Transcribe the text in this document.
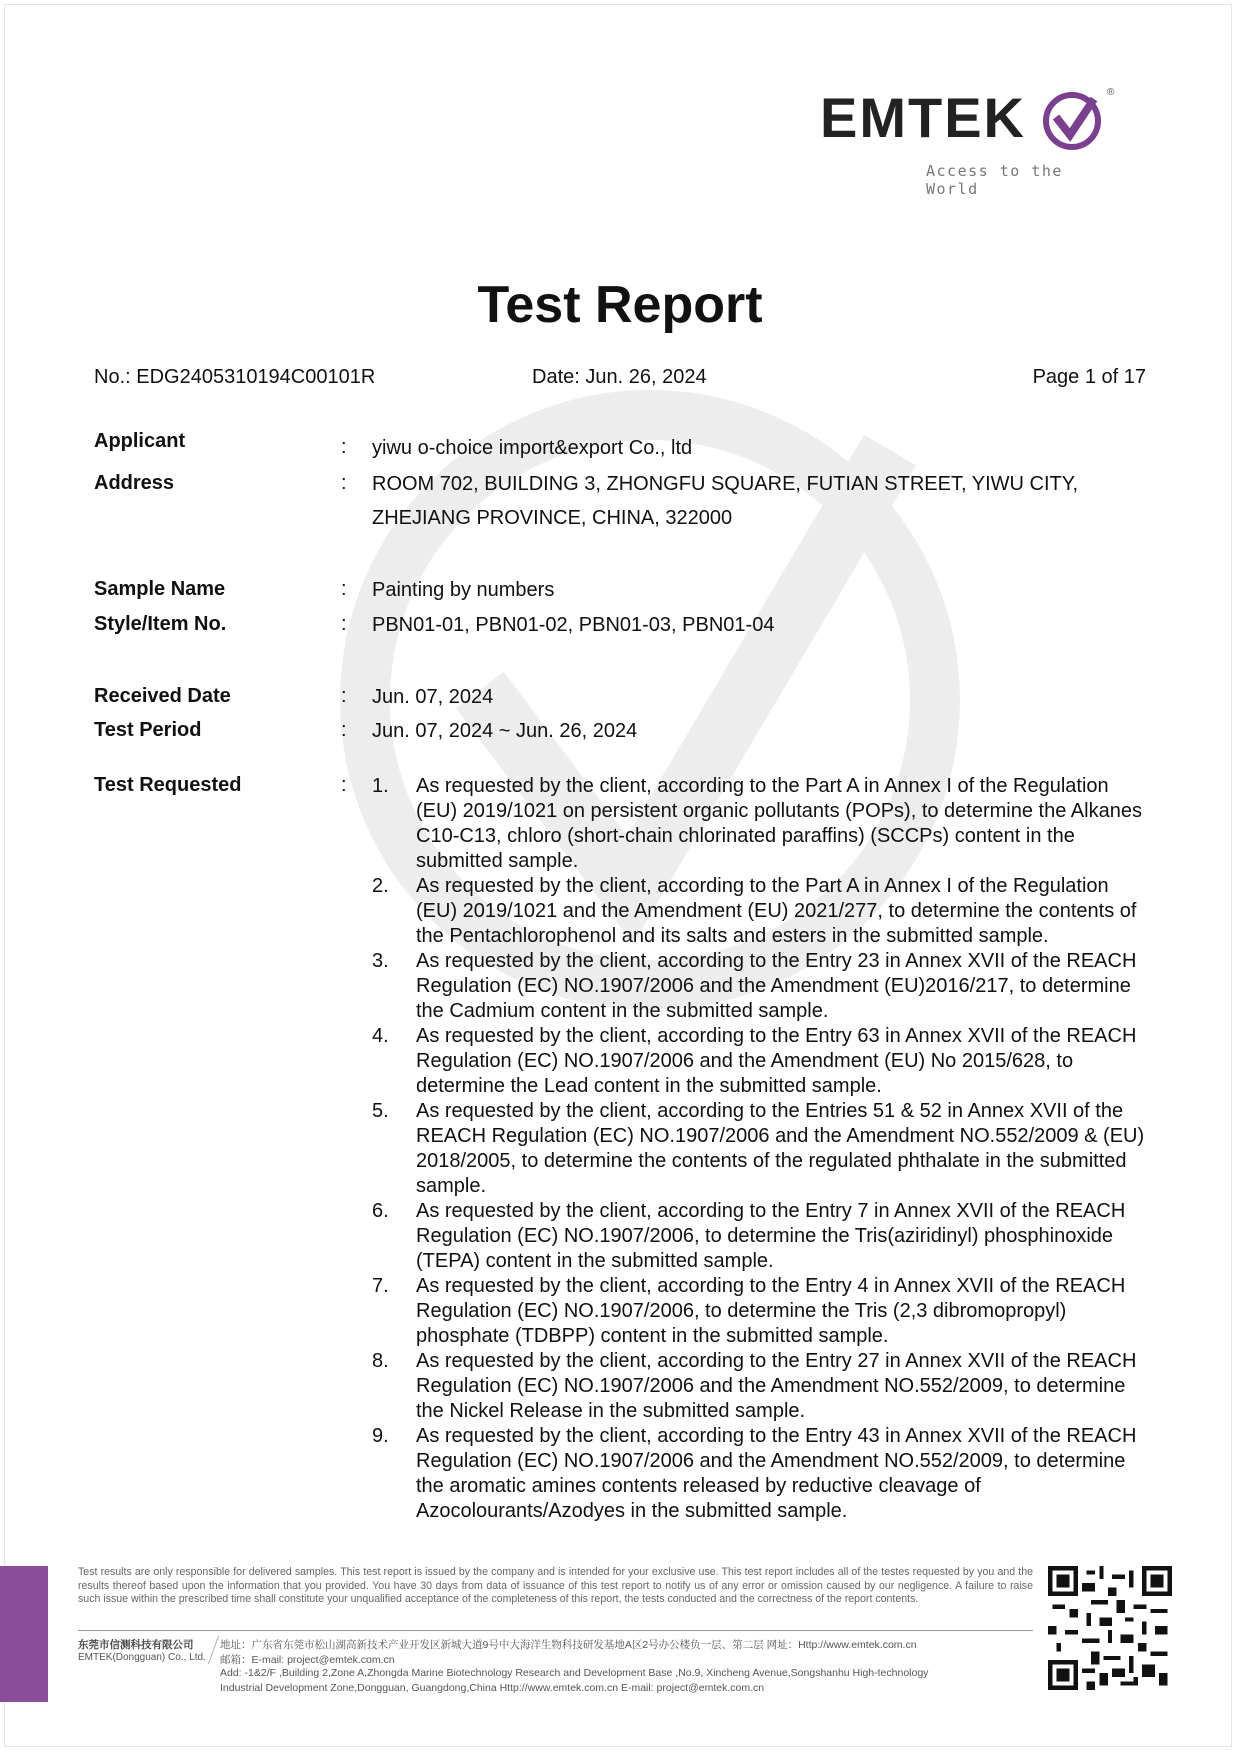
EMTEK	®
Access to the World
Test Report
No.: EDG2405310194C00101R	Date: Jun. 26, 2024	Page 1 of 17
Applicant	: yiwu o-choice import&export Co., ltd
Address	: ROOM 702, BUILDING 3, ZHONGFU SQUARE, FUTIAN STREET, YIWU CITY,
ZHEJIANG PROVINCE, CHINA, 322000
Sample Name	: Painting by numbers
Style/Item No.	: PBN01-01, PBN01-02, PBN01-03, PBN01-04
Received Date	: Jun. 07, 2024
Test Period	: Jun. 07, 2024 ~ Jun. 26, 2024
Test Requested	: 1. As requested by the client, according to the Part A in Annex I of the Regulation (EU) 2019/1021 on persistent organic pollutants (POPs), to determine the Alkanes C10-C13, chloro (short-chain chlorinated paraffins) (SCCPs) content in the submitted sample.
2. As requested by the client, according to the Part A in Annex I of the Regulation (EU) 2019/1021 and the Amendment (EU) 2021/277, to determine the contents of the Pentachlorophenol and its salts and esters in the submitted sample.
3. As requested by the client, according to the Entry 23 in Annex XVII of the REACH Regulation (EC) NO.1907/2006 and the Amendment (EU)2016/217, to determine the Cadmium content in the submitted sample.
4. As requested by the client, according to the Entry 63 in Annex XVII of the REACH Regulation (EC) NO.1907/2006 and the Amendment (EU) No 2015/628, to determine the Lead content in the submitted sample.
5. As requested by the client, according to the Entries 51 & 52 in Annex XVII of the REACH Regulation (EC) NO.1907/2006 and the Amendment NO.552/2009 & (EU) 2018/2005, to determine the contents of the regulated phthalate in the submitted sample.
6. As requested by the client, according to the Entry 7 in Annex XVII of the REACH Regulation (EC) NO.1907/2006, to determine the Tris(aziridinyl) phosphinoxide (TEPA) content in the submitted sample.
7. As requested by the client, according to the Entry 4 in Annex XVII of the REACH Regulation (EC) NO.1907/2006, to determine the Tris (2,3 dibromopropyl) phosphate (TDBPP) content in the submitted sample.
8. As requested by the client, according to the Entry 27 in Annex XVII of the REACH Regulation (EC) NO.1907/2006 and the Amendment NO.552/2009, to determine the Nickel Release in the submitted sample.
9. As requested by the client, according to the Entry 43 in Annex XVII of the REACH Regulation (EC) NO.1907/2006 and the Amendment NO.552/2009, to determine the aromatic amines contents released by reductive cleavage of Azocolourants/Azodyes in the submitted sample.
Test results are only responsible for delivered samples. This test report is issued by the company and is intended for your exclusive use. This test report includes all of the testes requested by you and the results thereof based upon the information that you provided. You have 30 days from data of issuance of this test report to notify us of any error or omission caused by our negligence. A failure to raise such issue within the prescribed time shall constitute your unqualified acceptance of the completeness of this report, the tests conducted and the correctness of the report contents.
东莞市信测科技有限公司
EMTEK(Dongguan) Co., Ltd.
地址：广东省东莞市松山湖高新技术产业开发区新城大道9号中大海洋生物科技研发基地A区2号办公楼负一层、第二层 网址：Http://www.emtek.com.cn
邮箱：E-mail: project@emtek.com.cn
Add: -1&2/F ,Building 2,Zone A,Zhongda Marine Biotechnology Research and Development Base ,No.9, Xincheng Avenue,Songshanhu High-technology
Industrial Development Zone,Dongguan, Guangdong,China Http://www.emtek.com.cn E-mail: project@emtek.com.cn
